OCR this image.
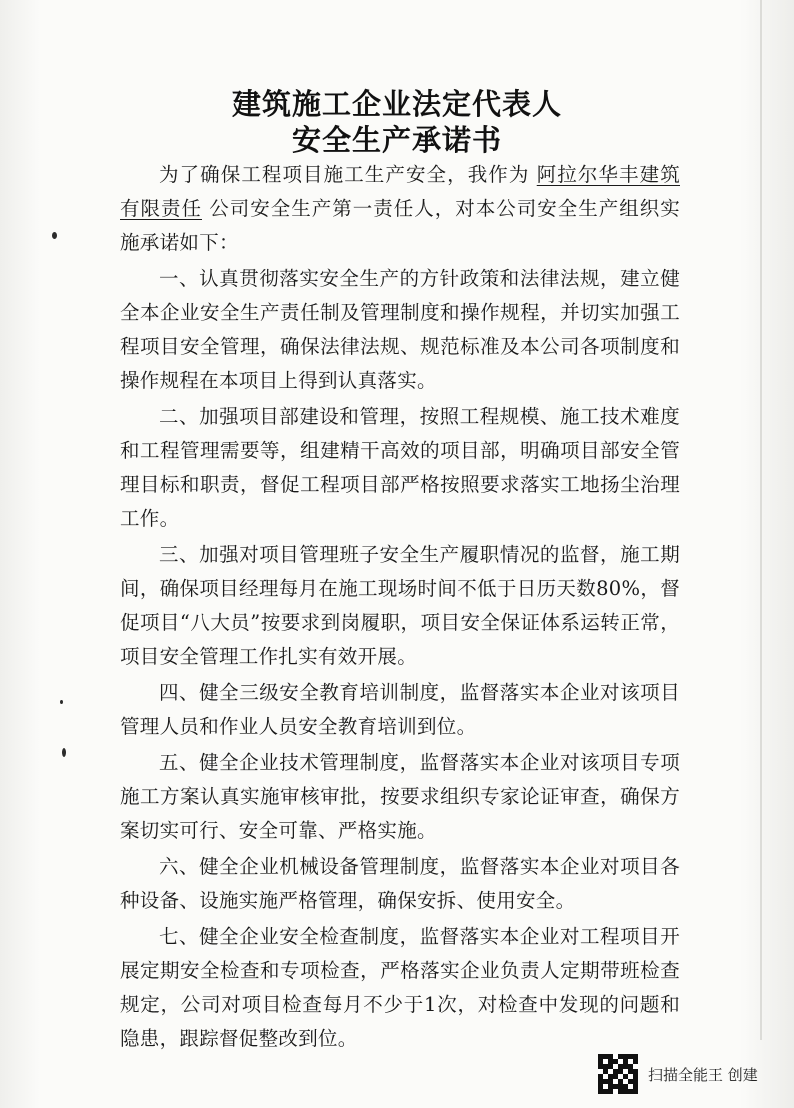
建筑施工企业法定代表人
安全生产承诺书

为了确保工程项目施工生产安全，我作为 阿拉尔华丰建筑有限责任 公司安全生产第一责任人，对本公司安全生产组织实施承诺如下：

一、认真贯彻落实安全生产的方针政策和法律法规，建立健全本企业安全生产责任制及管理制度和操作规程，并切实加强工程项目安全管理，确保法律法规、规范标准及本公司各项制度和操作规程在本项目上得到认真落实。

二、加强项目部建设和管理，按照工程规模、施工技术难度和工程管理需要等，组建精干高效的项目部，明确项目部安全管理目标和职责，督促工程项目部严格按照要求落实工地扬尘治理工作。

三、加强对项目管理班子安全生产履职情况的监督，施工期间，确保项目经理每月在施工现场时间不低于日历天数80%，督促项目“八大员”按要求到岗履职，项目安全保证体系运转正常，项目安全管理工作扎实有效开展。

四、健全三级安全教育培训制度，监督落实本企业对该项目管理人员和作业人员安全教育培训到位。

五、健全企业技术管理制度，监督落实本企业对该项目专项施工方案认真实施审核审批，按要求组织专家论证审查，确保方案切实可行、安全可靠、严格实施。

六、健全企业机械设备管理制度，监督落实本企业对项目各种设备、设施实施严格管理，确保安拆、使用安全。

七、健全企业安全检查制度，监督落实本企业对工程项目开展定期安全检查和专项检查，严格落实企业负责人定期带班检查规定，公司对项目检查每月不少于1次，对检查中发现的问题和隐患，跟踪督促整改到位。

扫描全能王 创建
